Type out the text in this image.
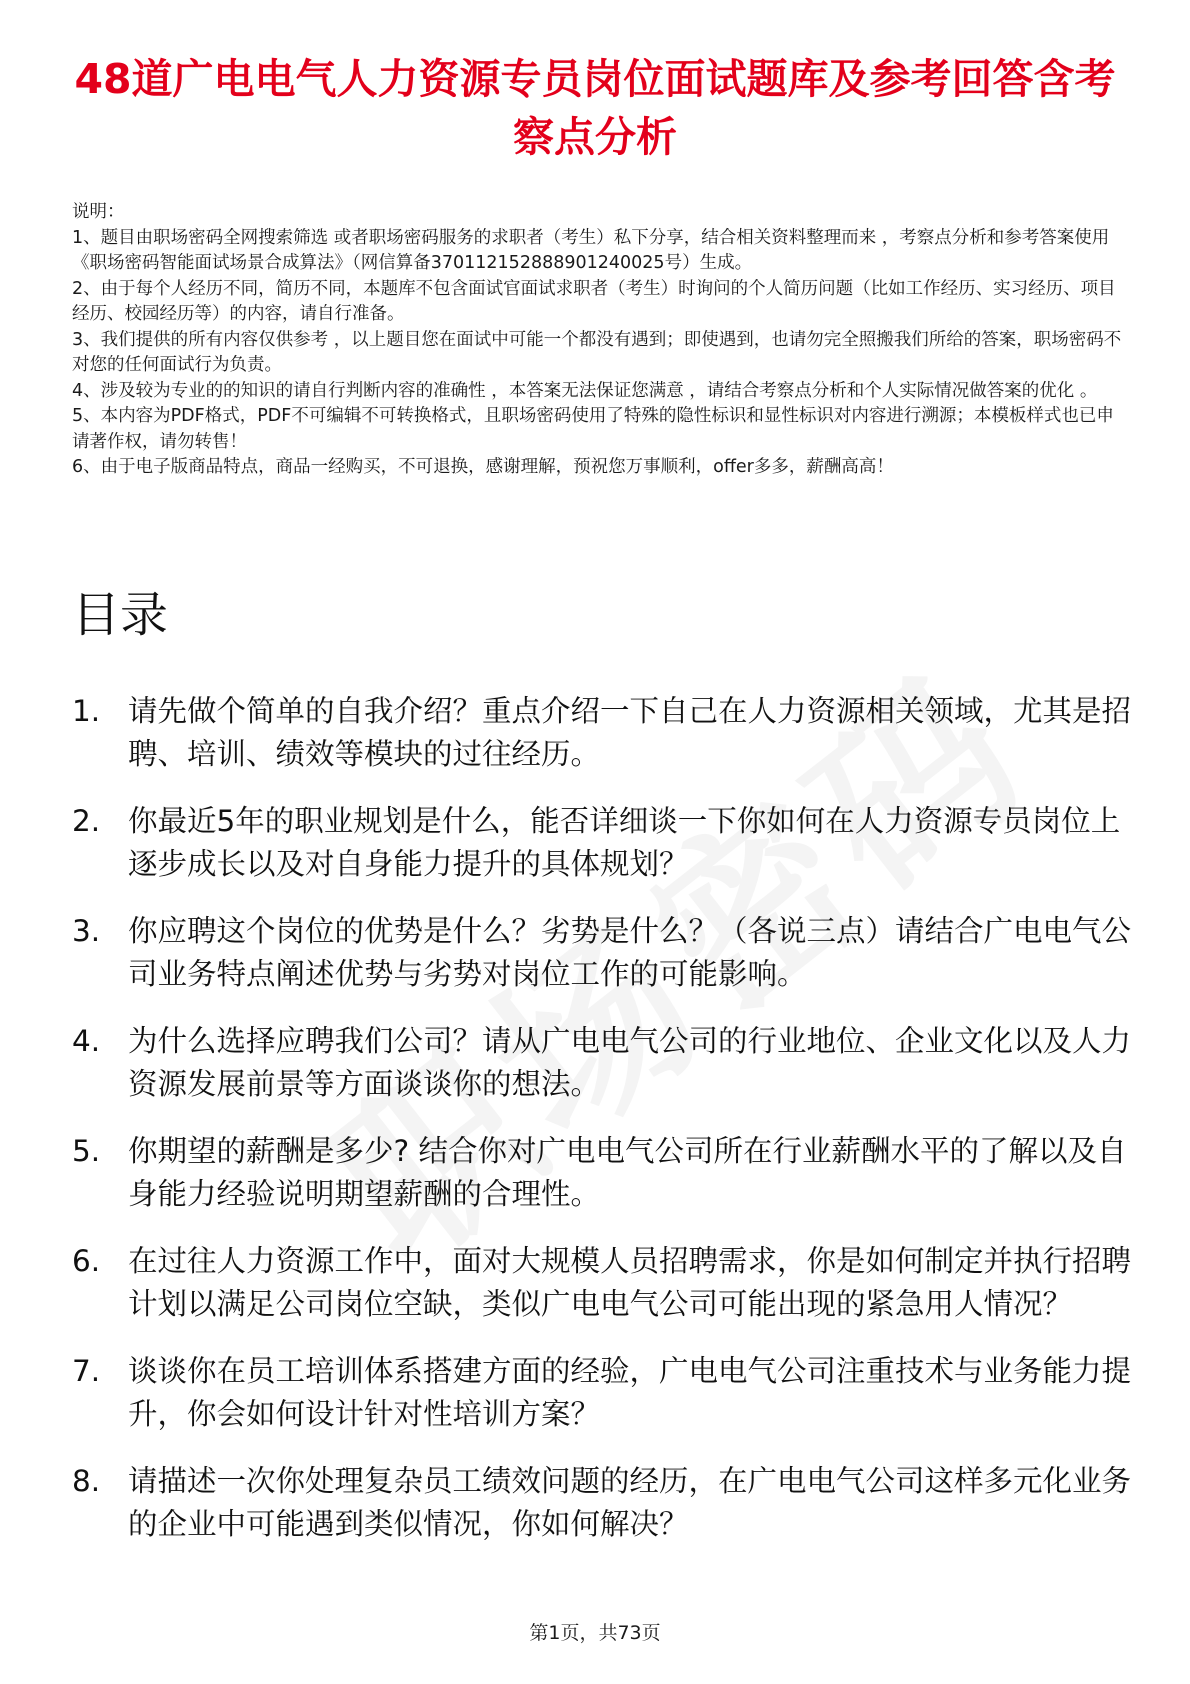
48道广电电气人力资源专员岗位面试题库及参考回答含考察点分析

说明：

1、题目由职场密码全网搜索筛选 或者职场密码服务的求职者（考生）私下分享，结合相关资料整理而来 ，考察点分析和参考答案使用《职场密码智能面试场景合成算法》（网信算备370112152888901240025号）生成。

2、由于每个人经历不同，简历不同，本题库不包含面试官面试求职者（考生）时询问的个人简历问题（比如工作经历、实习经历、项目经历、校园经历等）的内容，请自行准备。

3、我们提供的所有内容仅供参考 ，以上题目您在面试中可能一个都没有遇到；即使遇到，也请勿完全照搬我们所给的答案，职场密码不对您的任何面试行为负责。

4、涉及较为专业的的知识的请自行判断内容的准确性 ，本答案无法保证您满意 ，请结合考察点分析和个人实际情况做答案的优化 。

5、本内容为PDF格式，PDF不可编辑不可转换格式，且职场密码使用了特殊的隐性标识和显性标识对内容进行溯源；本模板样式也已申请著作权，请勿转售！

6、由于电子版商品特点，商品一经购买，不可退换，感谢理解，预祝您万事顺利，offer多多，薪酬高高！

目录
1. 请先做个简单的自我介绍？重点介绍一下自己在人力资源相关领域，尤其是招聘、培训、绩效等模块的过往经历。
2. 你最近5年的职业规划是什么，能否详细谈一下你如何在人力资源专员岗位上逐步成长以及对自身能力提升的具体规划？
3. 你应聘这个岗位的优势是什么？劣势是什么？（各说三点）请结合广电电气公司业务特点阐述优势与劣势对岗位工作的可能影响。
4. 为什么选择应聘我们公司？请从广电电气公司的行业地位、企业文化以及人力资源发展前景等方面谈谈你的想法。
5. 你期望的薪酬是多少? 结合你对广电电气公司所在行业薪酬水平的了解以及自身能力经验说明期望薪酬的合理性。
6. 在过往人力资源工作中，面对大规模人员招聘需求，你是如何制定并执行招聘计划以满足公司岗位空缺，类似广电电气公司可能出现的紧急用人情况？
7. 谈谈你在员工培训体系搭建方面的经验，广电电气公司注重技术与业务能力提升，你会如何设计针对性培训方案？
8. 请描述一次你处理复杂员工绩效问题的经历，在广电电气公司这样多元化业务的企业中可能遇到类似情况，你如何解决？
第1页，共73页
